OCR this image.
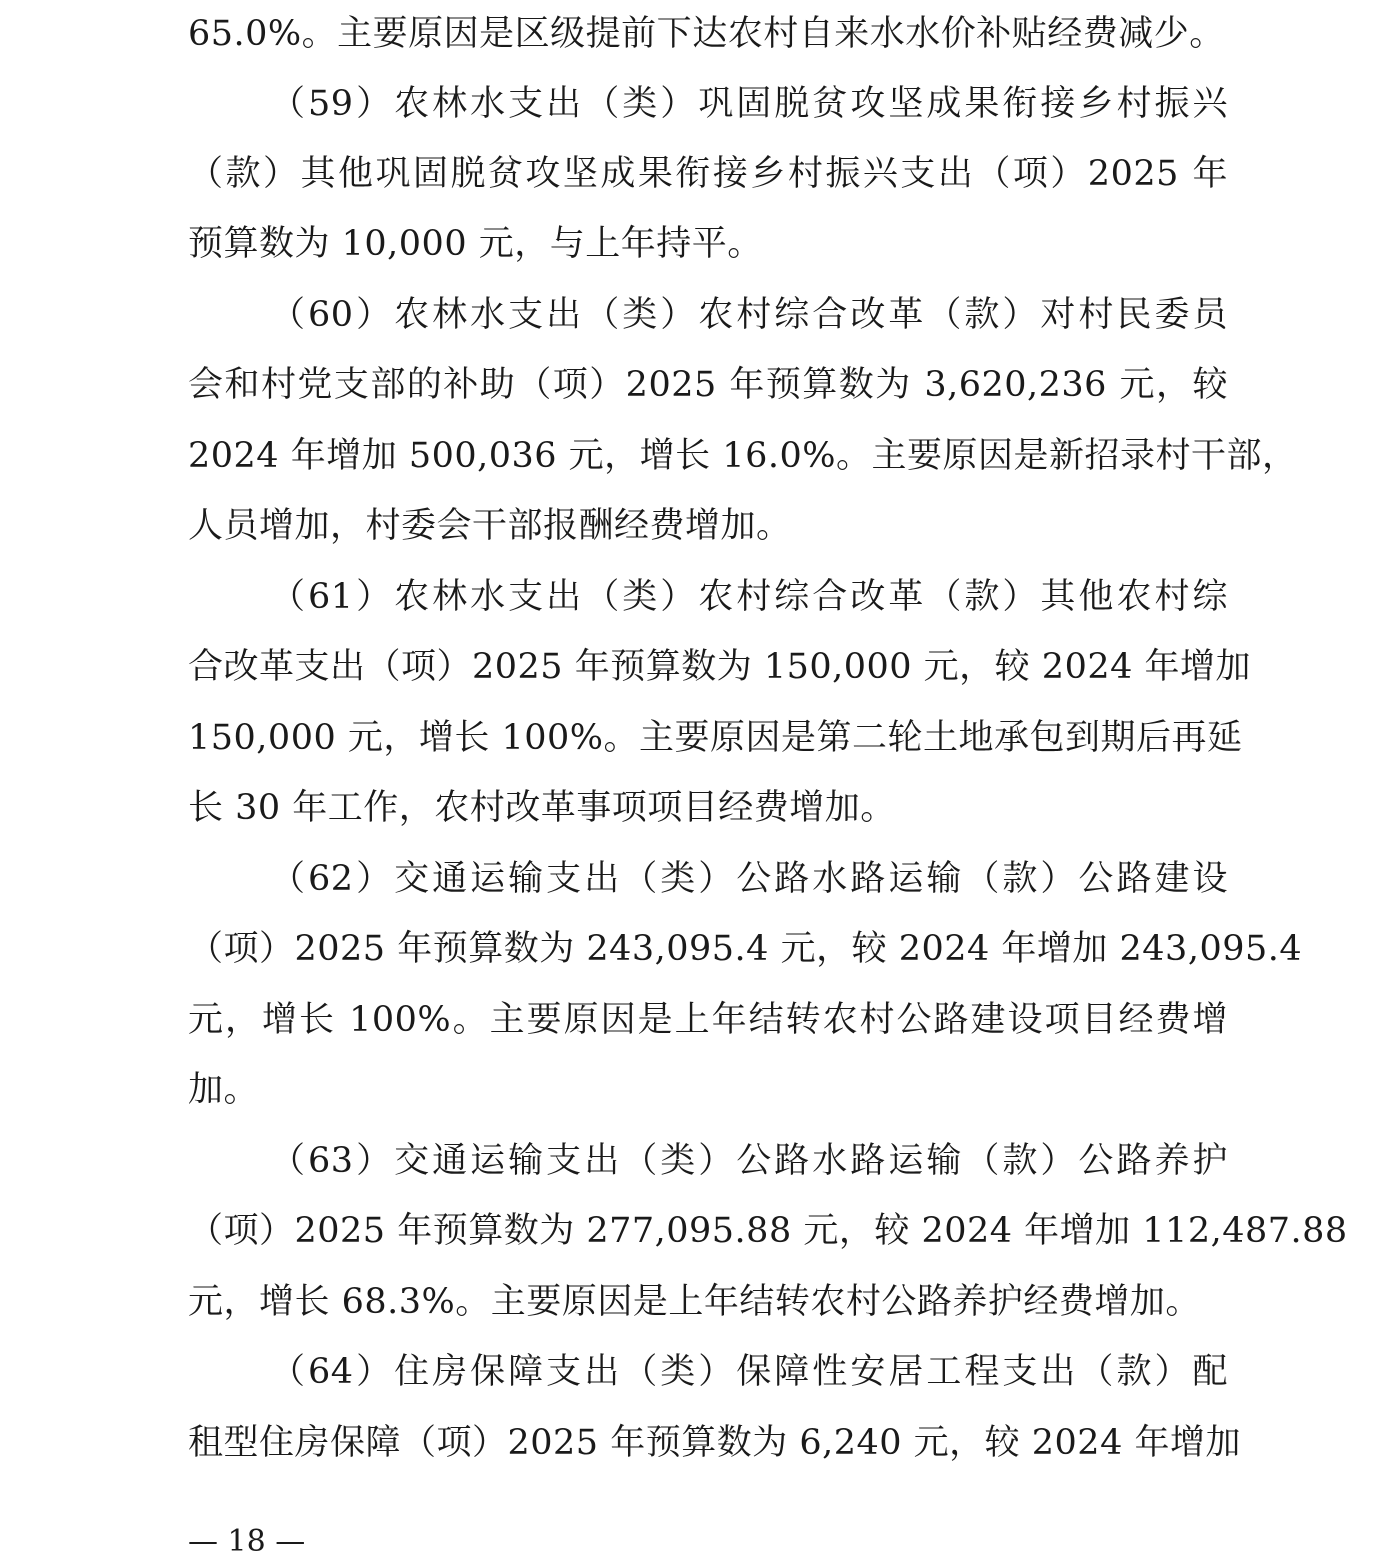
65.0%。主要原因是区级提前下达农村自来水水价补贴经费减少。
（59）农林水支出（类）巩固脱贫攻坚成果衔接乡村振兴
（款）其他巩固脱贫攻坚成果衔接乡村振兴支出（项）2025 年
预算数为 10,000 元，与上年持平。
（60）农林水支出（类）农村综合改革（款）对村民委员
会和村党支部的补助（项）2025 年预算数为 3,620,236 元，较
2024 年增加 500,036 元，增长 16.0%。主要原因是新招录村干部，
人员增加，村委会干部报酬经费增加。
（61）农林水支出（类）农村综合改革（款）其他农村综
合改革支出（项）2025 年预算数为 150,000 元，较 2024 年增加
150,000 元，增长 100%。主要原因是第二轮土地承包到期后再延
长 30 年工作，农村改革事项项目经费增加。
（62）交通运输支出（类）公路水路运输（款）公路建设
（项）2025 年预算数为 243,095.4 元，较 2024 年增加 243,095.4
元，增长 100%。主要原因是上年结转农村公路建设项目经费增
加。
（63）交通运输支出（类）公路水路运输（款）公路养护
（项）2025 年预算数为 277,095.88 元，较 2024 年增加 112,487.88
元，增长 68.3%。主要原因是上年结转农村公路养护经费增加。
（64）住房保障支出（类）保障性安居工程支出（款）配
租型住房保障（项）2025 年预算数为 6,240 元，较 2024 年增加
— 18 —
